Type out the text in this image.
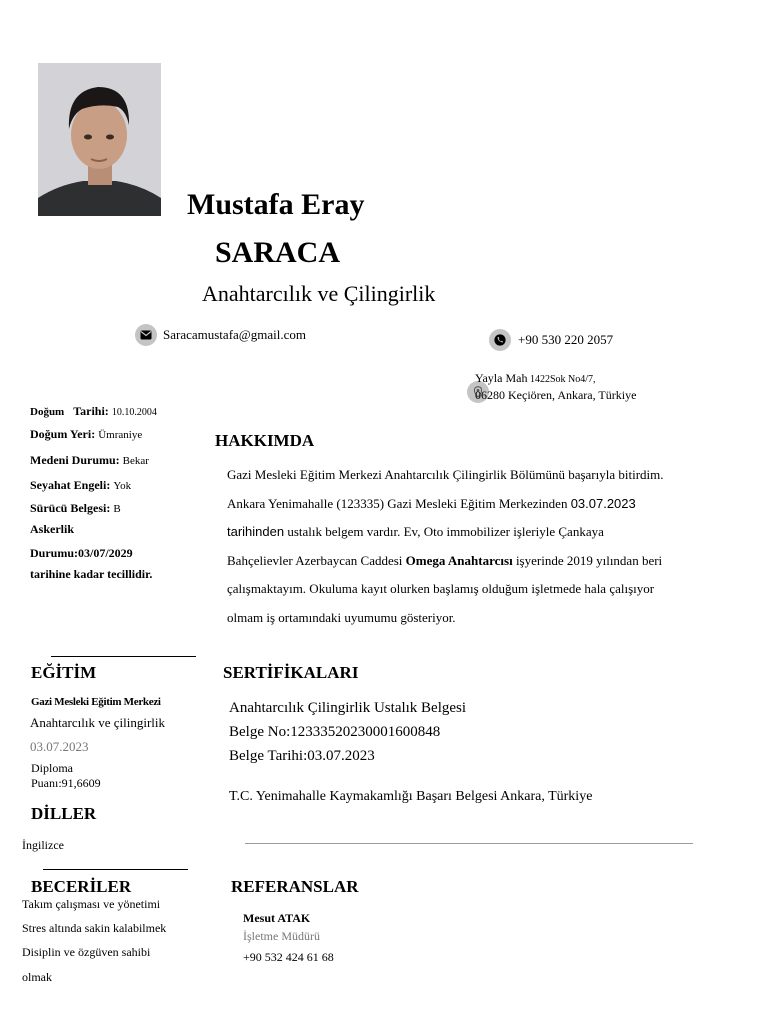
Mustafa Eray
SARACA
Anahtarcılık ve Çilingirlik
Saracamustafa@gmail.com	+90 530 220 2057
Yayla Mah 1422Sok No4/7,
06280 Keçiören, Ankara, Türkiye
Doğum Tarihi: 10.10.2004
Doğum Yeri: Ümraniye
Medeni Durumu: Bekar
Seyahat Engeli: Yok
Sürücü Belgesi: B
Askerlik
Durumu:03/07/2029
tarihine kadar tecillidir.
HAKKIMDA

Gazi Mesleki Eğitim Merkezi Anahtarcılık Çilingirlik Bölümünü başarıyla bitirdim.

Ankara Yenimahalle (123335) Gazi Mesleki Eğitim Merkezinden 03.07.2023

tarihinden ustalık belgem vardır. Ev, Oto immobilizer işleriyle Çankaya

Bahçelievler Azerbaycan Caddesi Omega Anahtarcısı işyerinde 2019 yılından beri

çalışmaktayım. Okuluma kayıt olurken başlamış olduğum işletmede hala çalışıyor

olmam iş ortamındaki uyumumu gösteriyor.

EĞİTİM
Gazi Mesleki Eğitim Merkezi
Anahtarcılık ve çilingirlik
03.07.2023
Diploma
Puanı:91,6609
SERTİFİKALARI
Anahtarcılık Çilingirlik Ustalık Belgesi
Belge No:12333520230001600848
Belge Tarihi:03.07.2023
T.C. Yenimahalle Kaymakamlığı Başarı Belgesi Ankara, Türkiye
DİLLER
İngilizce
BECERİLER
Takım çalışması ve yönetimi
Stres altında sakin kalabilmek
Disiplin ve özgüven sahibi
olmak
REFERANSLAR
Mesut ATAK
İşletme Müdürü
+90 532 424 61 68
